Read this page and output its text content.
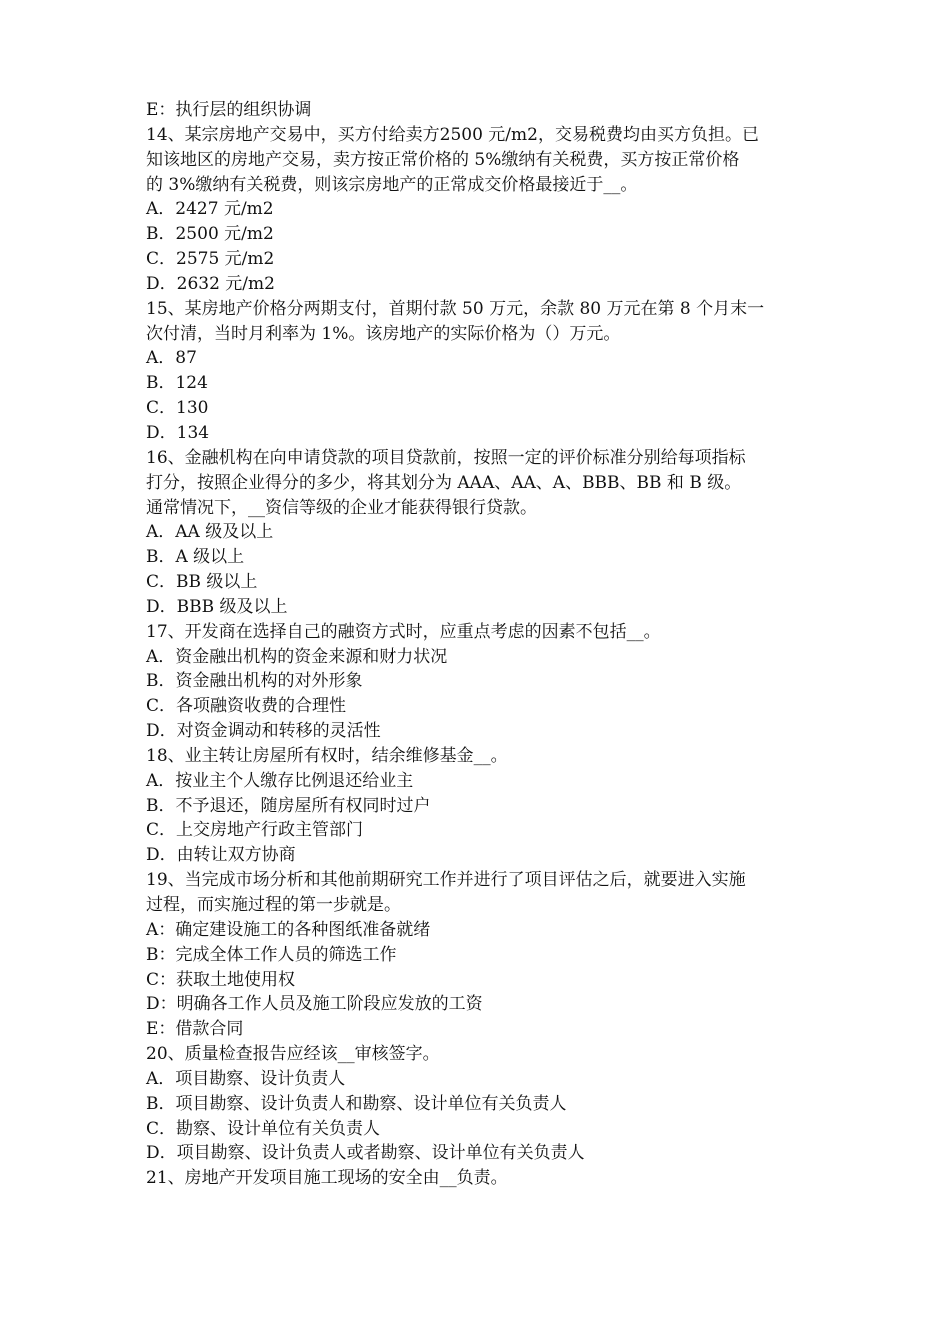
E：执行层的组织协调
14、某宗房地产交易中，买方付给卖方2500 元/m2，交易税费均由买方负担。已
知该地区的房地产交易，卖方按正常价格的 5%缴纳有关税费，买方按正常价格
的 3%缴纳有关税费，则该宗房地产的正常成交价格最接近于__。
A．2427 元/m2
B．2500 元/m2
C．2575 元/m2
D．2632 元/m2
15、某房地产价格分两期支付，首期付款 50 万元，余款 80 万元在第 8 个月末一
次付清，当时月利率为 1%。该房地产的实际价格为（）万元。
A．87
B．124
C．130
D．134
16、金融机构在向申请贷款的项目贷款前，按照一定的评价标准分别给每项指标
打分，按照企业得分的多少，将其划分为 AAA、AA、A、BBB、BB 和 B 级。
通常情况下，__资信等级的企业才能获得银行贷款。
A．AA 级及以上
B．A 级以上
C．BB 级以上
D．BBB 级及以上
17、开发商在选择自己的融资方式时，应重点考虑的因素不包括__。
A．资金融出机构的资金来源和财力状况
B．资金融出机构的对外形象
C．各项融资收费的合理性
D．对资金调动和转移的灵活性
18、业主转让房屋所有权时，结余维修基金__。
A．按业主个人缴存比例退还给业主
B．不予退还，随房屋所有权同时过户
C．上交房地产行政主管部门
D．由转让双方协商
19、当完成市场分析和其他前期研究工作并进行了项目评估之后，就要进入实施
过程，而实施过程的第一步就是。
A：确定建设施工的各种图纸准备就绪
B：完成全体工作人员的筛选工作
C：获取土地使用权
D：明确各工作人员及施工阶段应发放的工资
E：借款合同
20、质量检查报告应经该__审核签字。
A．项目勘察、设计负责人
B．项目勘察、设计负责人和勘察、设计单位有关负责人
C．勘察、设计单位有关负责人
D．项目勘察、设计负责人或者勘察、设计单位有关负责人
21、房地产开发项目施工现场的安全由__负责。
